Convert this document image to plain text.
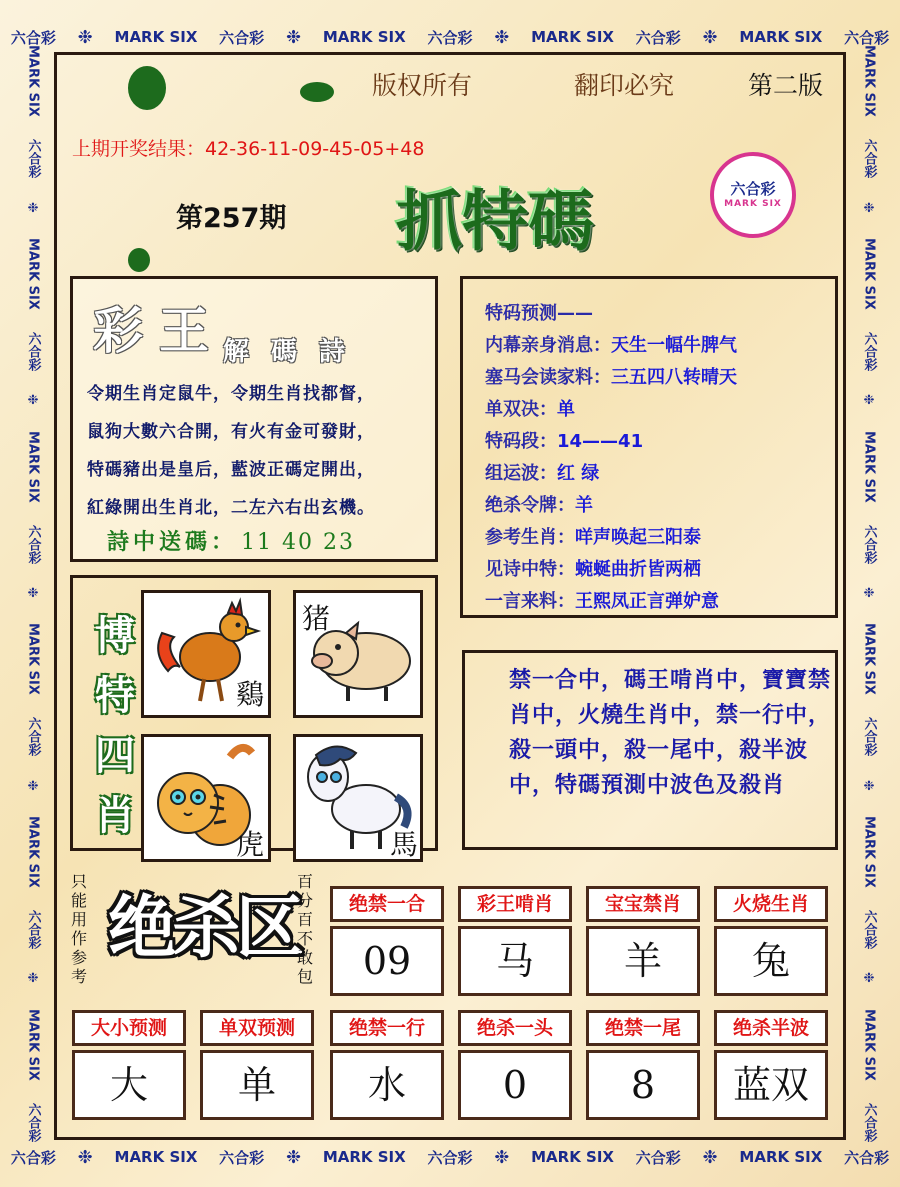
六合彩 ❉ MARK SIX 六合彩 ❉ MARK SIX 六合彩 ❉ MARK SIX 六合彩 ❉ MARK SIX 六合彩
六合彩 ❉ MARK SIX 六合彩 ❉ MARK SIX 六合彩 ❉ MARK SIX 六合彩 ❉ MARK SIX 六合彩
MARK SIX
六合彩
❉
MARK SIX
六合彩
❉
MARK SIX
六合彩
❉
MARK SIX
六合彩
❉
MARK SIX
六合彩
❉
MARK SIX
六合彩
MARK SIX
六合彩
❉
MARK SIX
六合彩
❉
MARK SIX
六合彩
❉
MARK SIX
六合彩
❉
MARK SIX
六合彩
❉
MARK SIX
六合彩
版权所有	翻印必究	第二版
上期开奖结果：42-36-11-09-45-05+48
第257期 抓特碼	六合彩
MARK SIX
彩王
解碼詩
令期生肖定鼠牛，令期生肖找都督，
鼠狗大數六合開，有火有金可發財，
特碼豬出是皇后，藍波正碼定開出，
紅綠開出生肖北，二左六右出玄機。
詩中送碼： 11 40 23
特码预测——
内幕亲身消息：天生一幅牛脾气
塞马会读家料：三五四八转晴天
单双决：单
特码段：14——41
组运波：红 绿
绝杀令牌：羊
参考生肖：咩声唤起三阳泰
见诗中特：蜿蜒曲折皆两栖
一言来料：王熙凤正言弹妒意
博特四肖
鷄
猪
虎	馬
禁一合中，碼王啃肖中，寶寶禁肖中，火燒生肖中，禁一行中，殺一頭中，殺一尾中，殺半波中，特碼預測中波色及殺肖
只能用作参考
绝杀区
百分百不敢包
绝禁一合
09
彩王啃肖
马
宝宝禁肖
羊
火烧生肖
兔
大小预测
大
单双预测
单
绝禁一行
水
绝杀一头
0
绝禁一尾
8
绝杀半波
蓝双
